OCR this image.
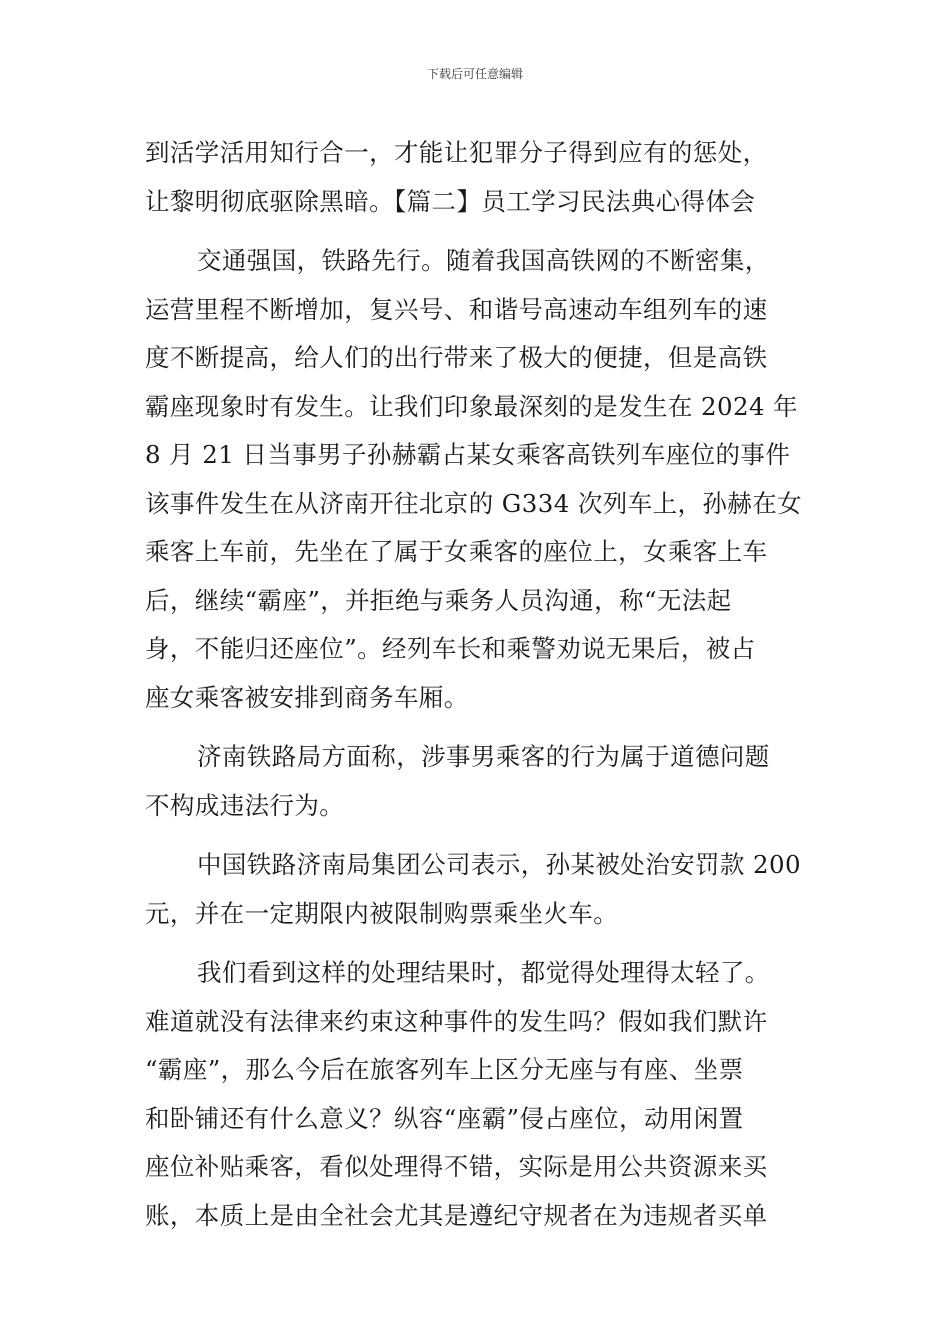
下载后可任意编辑
到活学活用知行合一，才能让犯罪分子得到应有的惩处，
让黎明彻底驱除黑暗。【篇二】员工学习民法典心得体会
交通强国，铁路先行。随着我国高铁网的不断密集，
运营里程不断增加，复兴号、和谐号高速动车组列车的速
度不断提高，给人们的出行带来了极大的便捷，但是高铁
霸座现象时有发生。让我们印象最深刻的是发生在 2024 年
8 月 21 日当事男子孙赫霸占某女乘客高铁列车座位的事件
该事件发生在从济南开往北京的 G334 次列车上，孙赫在女
乘客上车前，先坐在了属于女乘客的座位上，女乘客上车
后，继续“霸座”，并拒绝与乘务人员沟通，称“无法起
身，不能归还座位”。经列车长和乘警劝说无果后，被占
座女乘客被安排到商务车厢。
济南铁路局方面称，涉事男乘客的行为属于道德问题
不构成违法行为。
中国铁路济南局集团公司表示，孙某被处治安罚款 200
元，并在一定期限内被限制购票乘坐火车。
我们看到这样的处理结果时，都觉得处理得太轻了。
难道就没有法律来约束这种事件的发生吗？假如我们默许
“霸座”，那么今后在旅客列车上区分无座与有座、坐票
和卧铺还有什么意义？纵容“座霸”侵占座位，动用闲置
座位补贴乘客，看似处理得不错，实际是用公共资源来买
账，本质上是由全社会尤其是遵纪守规者在为违规者买单
